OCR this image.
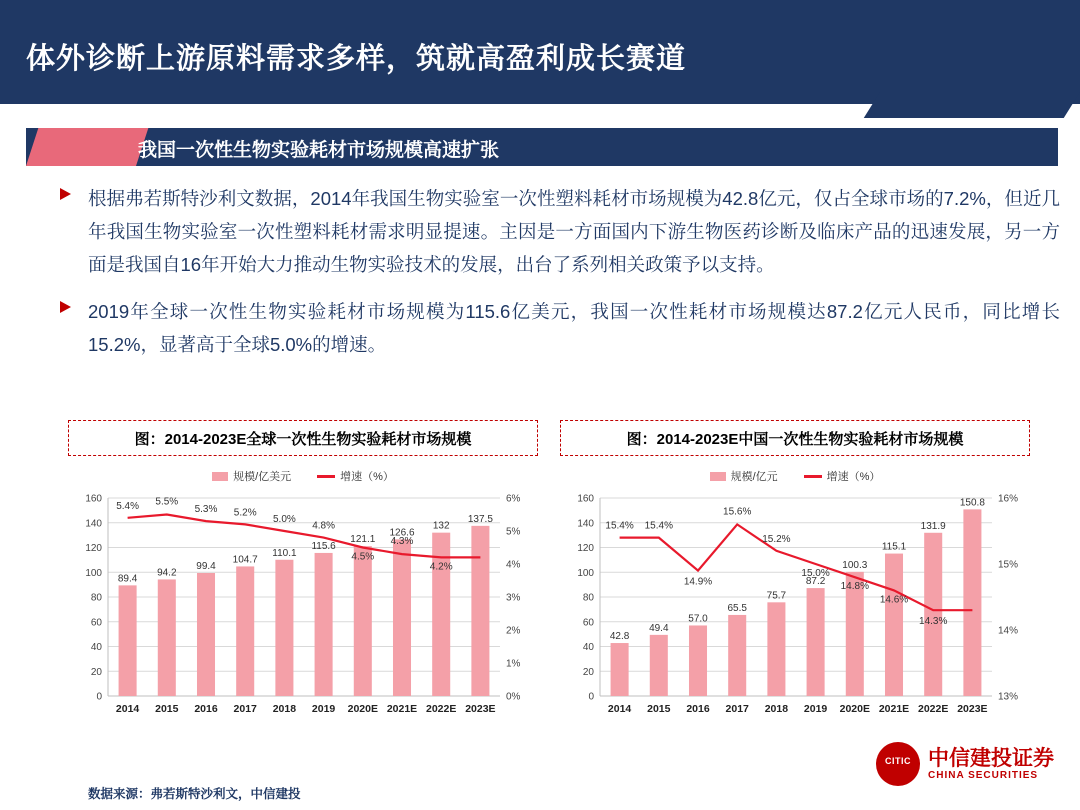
体外诊断上游原料需求多样，筑就高盈利成长赛道
我国一次性生物实验耗材市场规模高速扩张

根据弗若斯特沙利文数据，2014年我国生物实验室一次性塑料耗材市场规模为42.8亿元，仅占全球市场的7.2%，但近几年我国生物实验室一次性塑料耗材需求明显提速。主因是一方面国内下游生物医药诊断及临床产品的迅速发展，另一方面是我国自16年开始大力推动生物实验技术的发展，出台了系列相关政策予以支持。

2019年全球一次性生物实验耗材市场规模为115.6亿美元，我国一次性耗材市场规模达87.2亿元人民币，同比增长15.2%，显著高于全球5.0%的增速。

图： 2014-2023E全球一次性生物实验耗材市场规模
规模/亿美元	增速（%）
0
20
40
60
80
100
120
140
160
0%
1%
2%
3%
4%
5%
6%
89.4
2014
94.2
2015
99.4
2016
104.7
2017
110.1
2018
115.6
2019
121.1
2020E
126.6
2021E
132
2022E
137.5
2023E
5.4% 5.5%
5.3% 5.2%
5.0%
4.8%
4.5%
4.3%
4.2%
图： 2014-2023E中国一次性生物实验耗材市场规模
规模/亿元	增速（%）
0
20
40
60
80
100
120
140
160
13%
14%
15%
16%
42.8
2014
49.4
2015
57.0
2016
65.5
2017
75.7
2018
87.2
2019
100.3
2020E
115.1
2021E
131.9
2022E
150.8
2023E
15.4% 15.4%
14.9%
15.6%
15.2%
15.0%
14.8%
14.6%
14.3%
数据来源：弗若斯特沙利文，中信建投
CITIC
中信建投证券
CHINA SECURITIES
